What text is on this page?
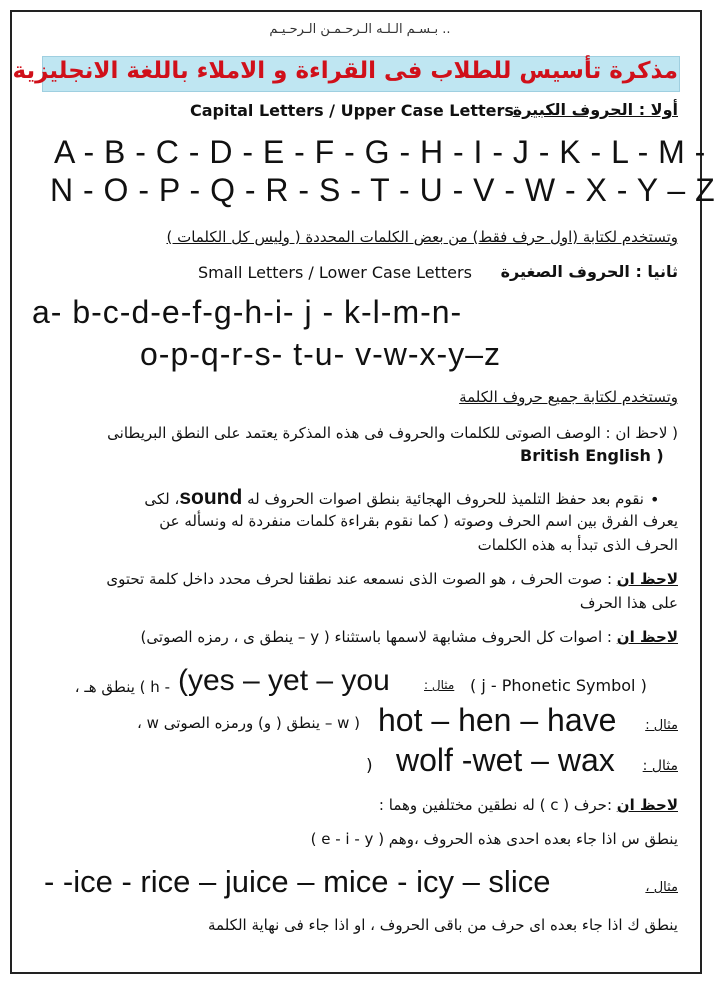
.. بـسـم الـلـه الـرحـمـن الـرحـيـم
مذكرة تأسيس للطلاب فى القراءة و الاملاء باللغة الانجليزية
أولا : الحروف الكبيرة
Capital Letters / Upper Case Letters
A - B - C - D - E - F - G - H - I - J - K - L - M -
N - O - P - Q - R - S - T - U - V - W - X - Y – Z
وتستخدم لكتابة (اول حرف فقط) من بعض الكلمات المحددة ( وليس كل الكلمات )
ثانيا : الحروف الصغيرة
Small Letters / Lower Case Letters
a- b-c-d-e-f-g-h-i- j - k-l-m-n-
o-p-q-r-s- t-u- v-w-x-y–z
وتستخدم لكتابة جميع حروف الكلمة
( لاحظ ان : الوصف الصوتى للكلمات والحروف فى هذه المذكرة يعتمد على النطق البريطانى
British English )
•
نقوم بعد حفظ التلميذ للحروف الهجائية بنطق اصوات الحروف له sound، لكى
يعرف الفرق بين اسم الحرف وصوته ( كما نقوم بقراءة كلمات منفردة له ونسأله عن
الحرف الذى تبدأ به هذه الكلمات
لاحظ ان : صوت الحرف ، هو الصوت الذى نسمعه عند نطقنا لحرف محدد داخل كلمة تحتوى
على هذا الحرف
لاحظ ان : اصوات كل الحروف مشابهة لاسمها باستثناء ( y – ينطق ى ، رمزه الصوتى)
( j - Phonetic Symbol )
مثال :
(yes – yet – you
- h ) ينطق هـ ،
مثال :
hot – hen – have
( w – ينطق ( و) ورمزه الصوتى w ،
مثال :
wolf -wet – wax
)
لاحظ ان :حرف ( c ) له نطقين مختلفين وهما :
ينطق س اذا جاء بعده احدى هذه الحروف ،وهم ( e - i - y )
مثال ،
- -ice - rice – juice – mice - icy – slice
ينطق ك اذا جاء بعده اى حرف من باقى الحروف ، او اذا جاء فى نهاية الكلمة
